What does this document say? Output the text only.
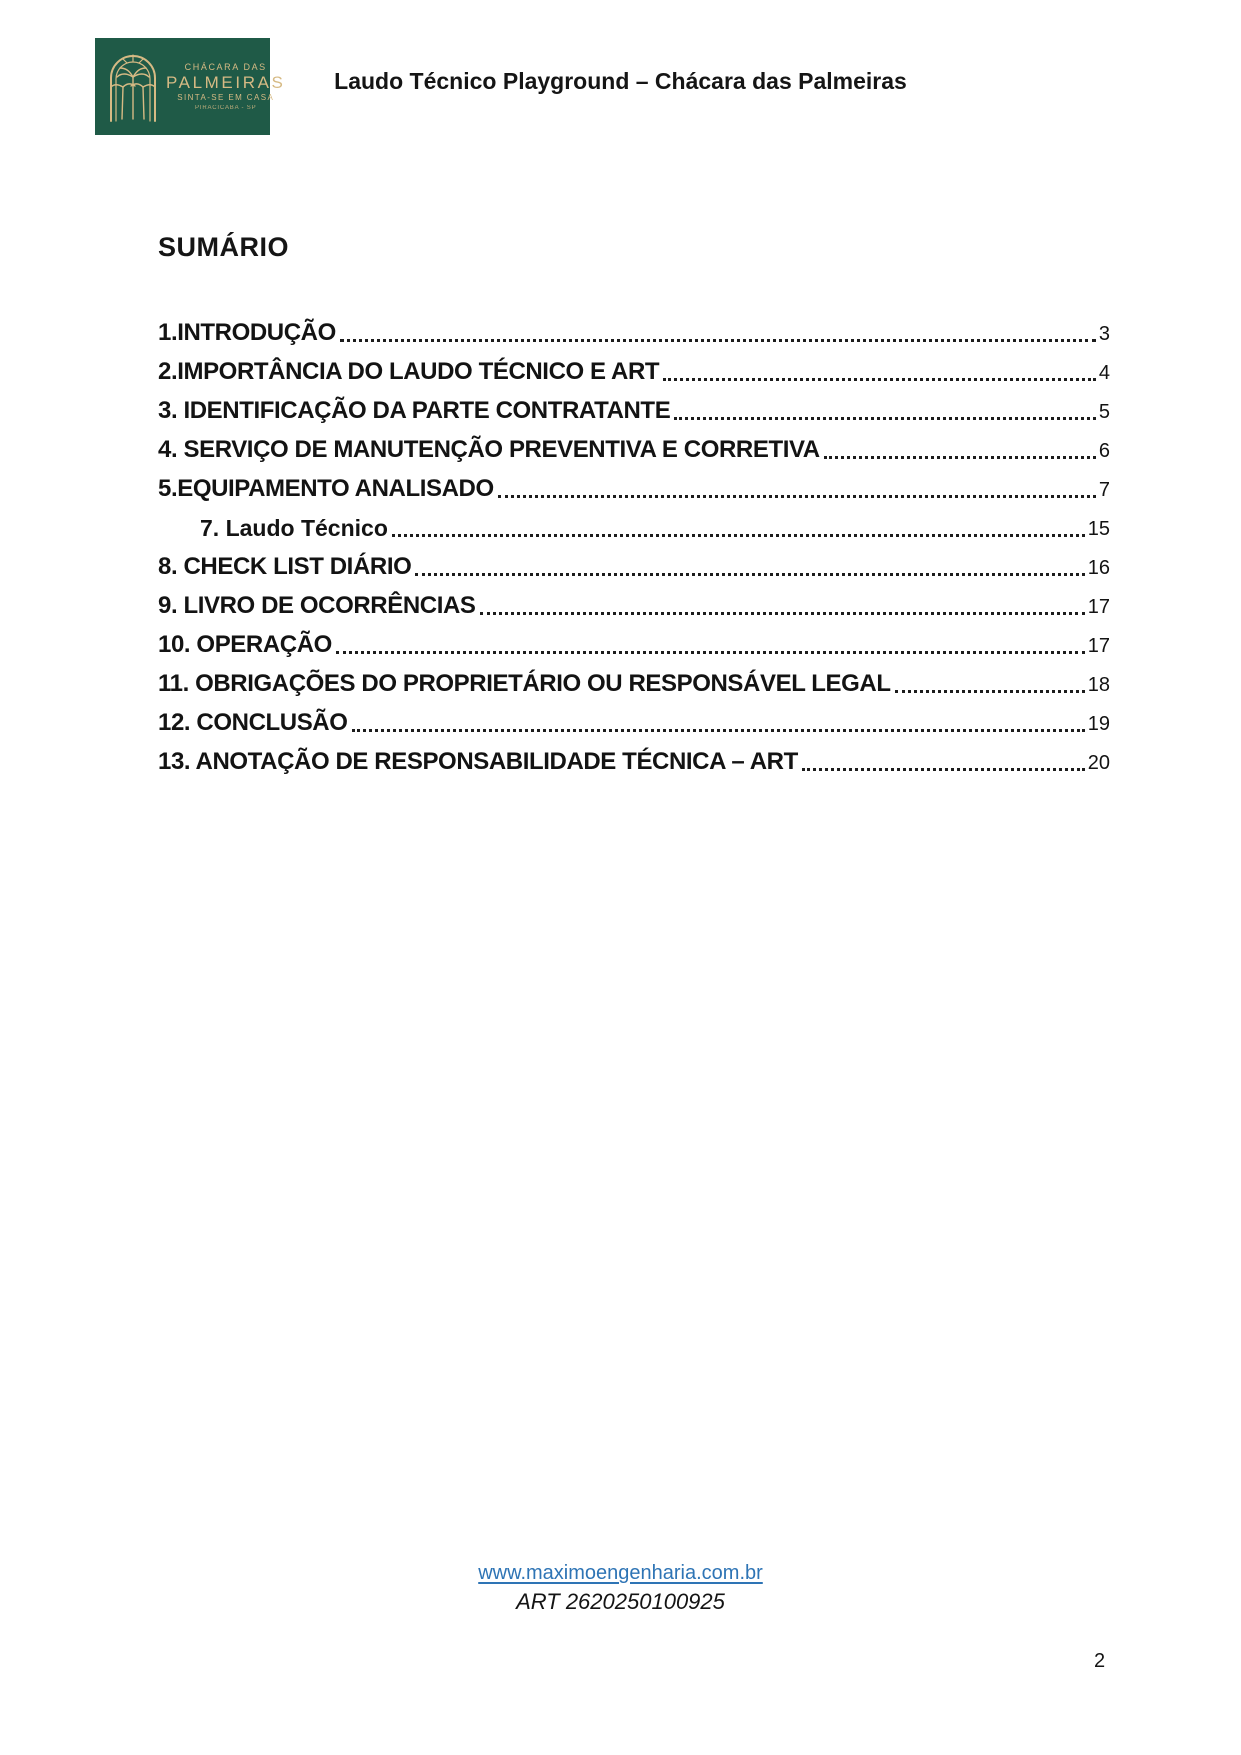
CHÁCARA DAS
PALMEIRAS
SINTA-SE EM CASA
PIRACICABA - SP
Laudo Técnico Playground – Chácara das Palmeiras
SUMÁRIO
1.INTRODUÇÃO	3
2.IMPORTÂNCIA DO LAUDO TÉCNICO E ART	4
3. IDENTIFICAÇÃO DA PARTE CONTRATANTE	5
4. SERVIÇO DE MANUTENÇÃO PREVENTIVA E CORRETIVA	6
5.EQUIPAMENTO ANALISADO	7
7. Laudo Técnico	15
8. CHECK LIST DIÁRIO	16
9. LIVRO DE OCORRÊNCIAS	17
10. OPERAÇÃO	17
11. OBRIGAÇÕES DO PROPRIETÁRIO OU RESPONSÁVEL LEGAL	18
12. CONCLUSÃO	19
13. ANOTAÇÃO DE RESPONSABILIDADE TÉCNICA – ART	20
www.maximoengenharia.com.br
ART 2620250100925
2
